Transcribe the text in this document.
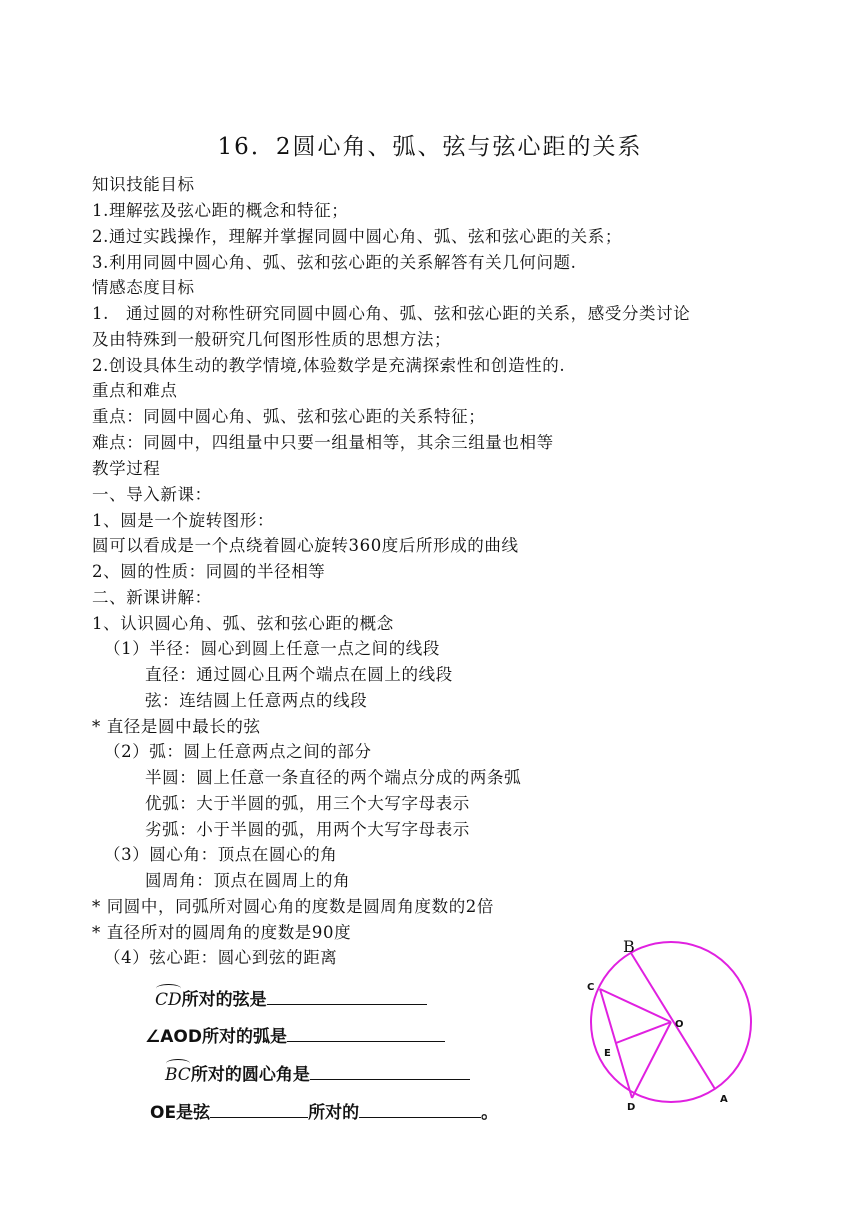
16．2圆心角、弧、弦与弦心距的关系
知识技能目标
1.理解弦及弦心距的概念和特征；
2.通过实践操作，理解并掌握同圆中圆心角、弧、弦和弦心距的关系；
3.利用同圆中圆心角、弧、弦和弦心距的关系解答有关几何问题.
情感态度目标
1.　通过圆的对称性研究同圆中圆心角、弧、弦和弦心距的关系，感受分类讨论
及由特殊到一般研究几何图形性质的思想方法；
2.创设具体生动的教学情境,体验数学是充满探索性和创造性的.
重点和难点
重点：同圆中圆心角、弧、弦和弦心距的关系特征；
难点：同圆中，四组量中只要一组量相等，其余三组量也相等
教学过程
一、导入新课：
1、圆是一个旋转图形：
圆可以看成是一个点绕着圆心旋转360度后所形成的曲线
2、圆的性质：同圆的半径相等
二、新课讲解：
1、认识圆心角、弧、弦和弦心距的概念
（1）半径：圆心到圆上任意一点之间的线段
直径：通过圆心且两个端点在圆上的线段
弦：连结圆上任意两点的线段
* 直径是圆中最长的弦
（2）弧：圆上任意两点之间的部分
半圆：圆上任意一条直径的两个端点分成的两条弧
优弧：大于半圆的弧，用三个大写字母表示
劣弧：小于半圆的弧，用两个大写字母表示
（3）圆心角：顶点在圆心的角
圆周角：顶点在圆周上的角
* 同圆中，同弧所对圆心角的度数是圆周角度数的2倍
* 直径所对的圆周角的度数是90度
（4）弦心距：圆心到弦的距离
CD所对的弦是
∠AOD所对的弧是
BC所对的圆心角是
OE是弦	所对的	。
B
C
O
E
D
A
